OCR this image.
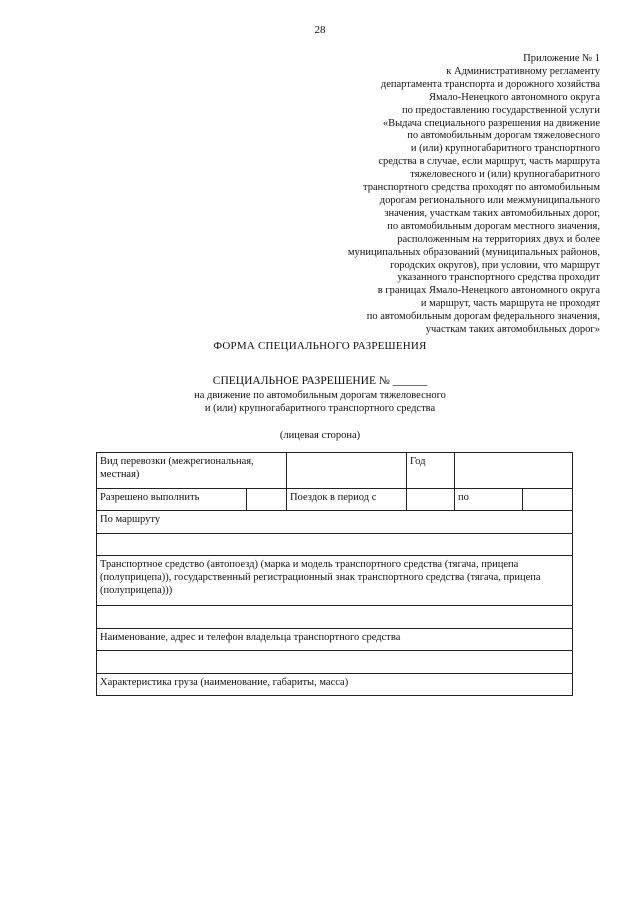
28
Приложение № 1
к Административному регламенту
департамента транспорта и дорожного хозяйства
Ямало-Ненецкого автономного округа
по предоставлению государственной услуги
«Выдача специального разрешения на движение
по автомобильным дорогам тяжеловесного
и (или) крупногабаритного транспортного
средства в случае, если маршрут, часть маршрута
тяжеловесного и (или) крупногабаритного
транспортного средства проходят по автомобильным
дорогам регионального или межмуниципального
значения, участкам таких автомобильных дорог,
по автомобильным дорогам местного значения,
расположенным на территориях двух и более
муниципальных образований (муниципальных районов,
городских округов), при условии, что маршрут
указанного транспортного средства проходит
в границах Ямало-Ненецкого автономного округа
и маршрут, часть маршрута не проходят
по автомобильным дорогам федерального значения,
участкам таких автомобильных дорог»
ФОРМА СПЕЦИАЛЬНОГО РАЗРЕШЕНИЯ
СПЕЦИАЛЬНОЕ РАЗРЕШЕНИЕ № ______
на движение по автомобильным дорогам тяжеловесного
и (или) крупногабаритного транспортного средства
(лицевая сторона)
Вид перевозки (межрегиональная, местная)			Год		
Разрешено выполнить		Поездок в период с		по	
По маршруту					

Транспортное средство (автопоезд) (марка и модель транспортного средства (тягача, прицепа (полуприцепа)), государственный регистрационный знак транспортного средства (тягача, прицепа (полуприцепа)))					

Наименование, адрес и телефон владельца транспортного средства					

Характеристика груза (наименование, габариты, масса)					
